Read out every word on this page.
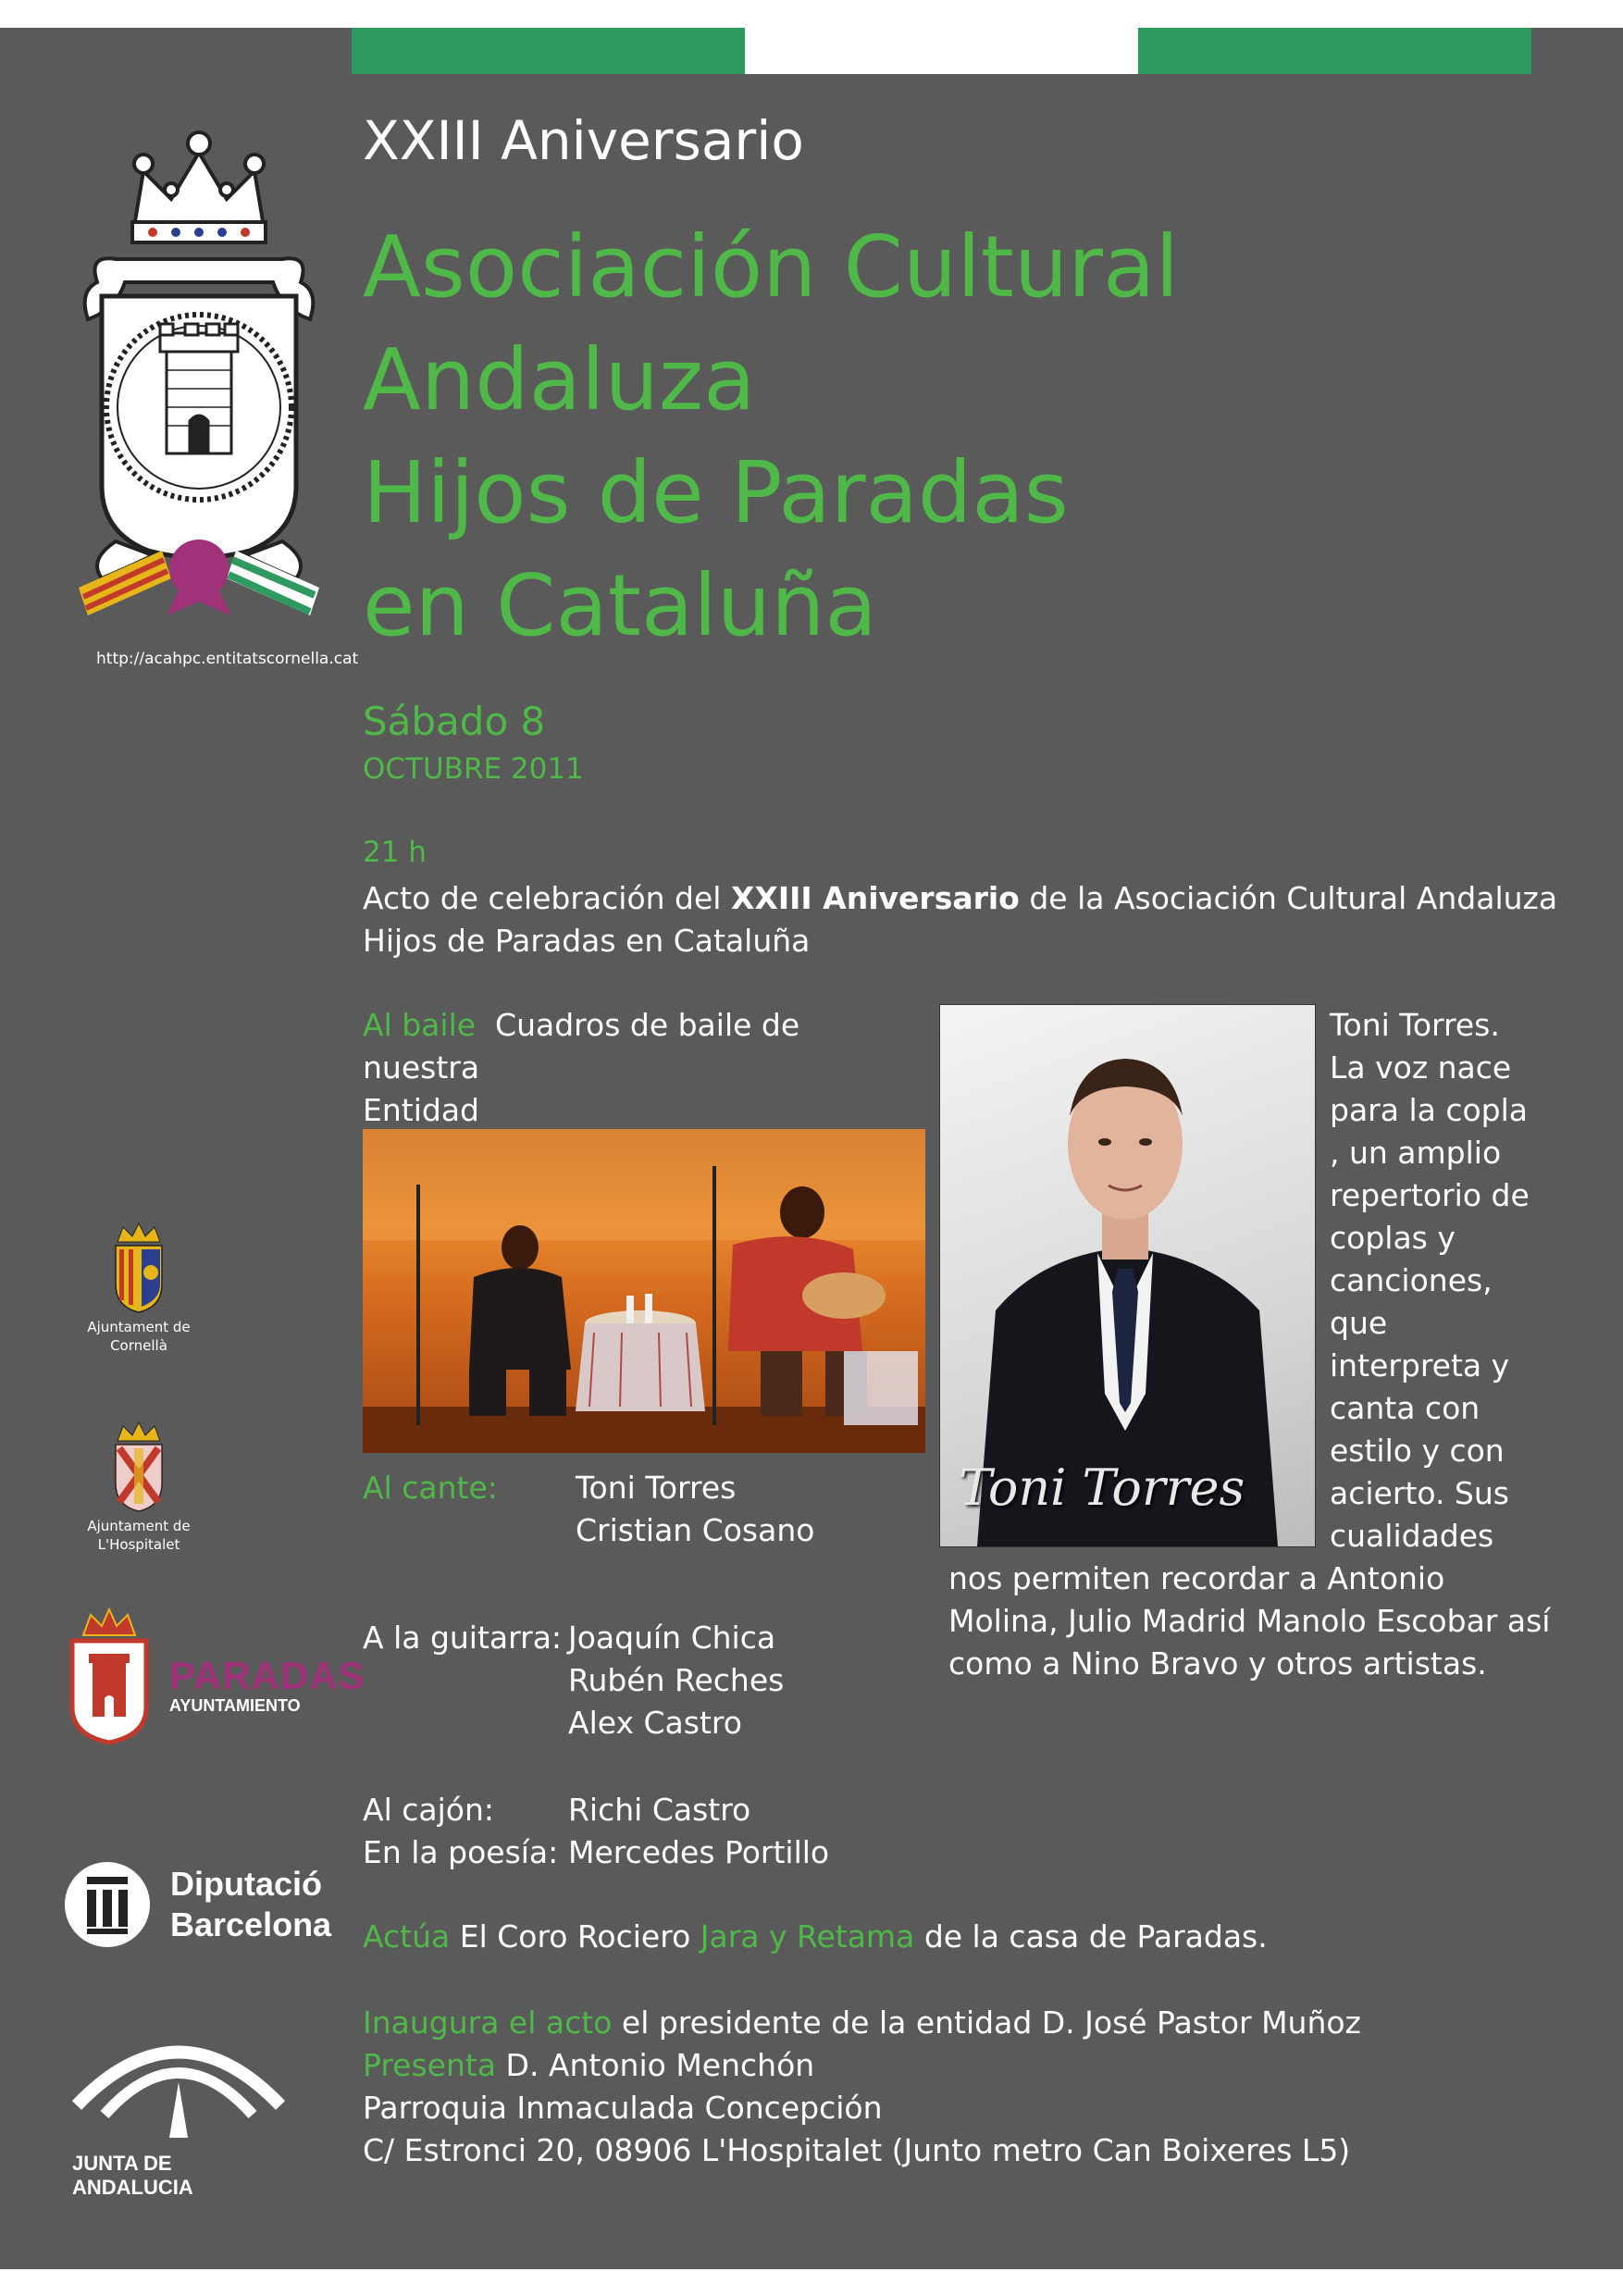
http://acahpc.entitatscornella.cat
XXIII Aniversario
Asociación Cultural
Andaluza
Hijos de Paradas
en Cataluña
Sábado 8
OCTUBRE 2011
21 h
Acto de celebración del XXIII Aniversario de la Asociación Cultural Andaluza
Hijos de Paradas en Cataluña
Al baile Cuadros de baile de nuestra
Entidad
Al cante:	Toni Torres
Cristian Cosano
A la guitarra: Joaquín Chica
Rubén Reches
Alex Castro
Al cajón: Richi Castro
En la poesía: Mercedes Portillo
Actúa El Coro Rociero Jara y Retama de la casa de Paradas.
Inaugura el acto el presidente de la entidad D. José Pastor Muñoz
Presenta D. Antonio Menchón
Parroquia Inmaculada Concepción
C/ Estronci 20, 08906 L'Hospitalet (Junto metro Can Boixeres L5)
Toni Torres
Toni Torres.
La voz nace
para la copla
, un amplio
repertorio de
coplas y
canciones,
que
interpreta y
canta con
estilo y con
acierto. Sus
cualidades
nos permiten recordar a Antonio
Molina, Julio Madrid Manolo Escobar así
como a Nino Bravo y otros artistas.
Ajuntament de
Cornellà
Ajuntament de
L'Hospitalet
PARADAS
AYUNTAMIENTO
Diputació
Barcelona
JUNTA DE ANDALUCIA
